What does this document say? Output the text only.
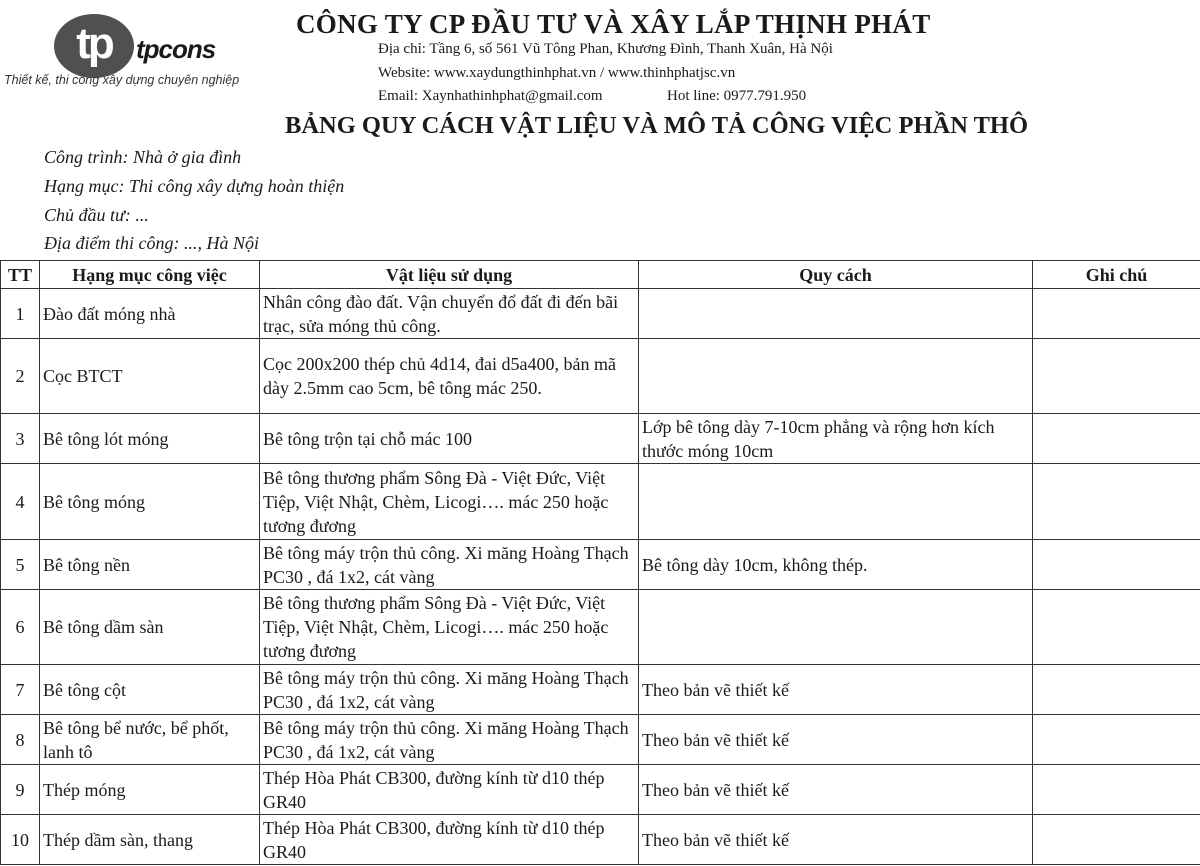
tp tpcons
Thiết kế, thi công xây dựng chuyên nghiệp
CÔNG TY CP ĐẦU TƯ VÀ XÂY LẮP THỊNH PHÁT
Địa chỉ: Tầng 6, số 561 Vũ Tông Phan, Khương Đình, Thanh Xuân, Hà Nội
Website: www.xaydungthinhphat.vn / www.thinhphatjsc.vn
Email: Xaynhathinhphat@gmail.com	Hot line: 0977.791.950
BẢNG QUY CÁCH VẬT LIỆU VÀ MÔ TẢ CÔNG VIỆC PHẦN THÔ
Công trình: Nhà ở gia đình
Hạng mục: Thi công xây dựng hoàn thiện
Chủ đầu tư: ...
Địa điểm thi công: ..., Hà Nội
TT	Hạng mục công việc	Vật liệu sử dụng	Quy cách	Ghi chú
1	Đào đất móng nhà	Nhân công đào đất. Vận chuyển đổ đất đi đến bãi trạc, sửa móng thủ công.		
2	Cọc BTCT	Cọc 200x200 thép chủ 4d14, đai d5a400, bản mã dày 2.5mm cao 5cm, bê tông mác 250.		
3	Bê tông lót móng	Bê tông trộn tại chỗ mác 100	Lớp bê tông dày 7-10cm phẳng và rộng hơn kích thước móng 10cm	
4	Bê tông móng	Bê tông thương phẩm Sông Đà - Việt Đức, Việt Tiệp, Việt Nhật, Chèm, Licogi…. mác 250 hoặc tương đương		
5	Bê tông nền	Bê tông máy trộn thủ công. Xi măng Hoàng Thạch PC30 , đá 1x2, cát vàng	Bê tông dày 10cm, không thép.	
6	Bê tông dầm sàn	Bê tông thương phẩm Sông Đà - Việt Đức, Việt Tiệp, Việt Nhật, Chèm, Licogi…. mác 250 hoặc tương đương		
7	Bê tông cột	Bê tông máy trộn thủ công. Xi măng Hoàng Thạch PC30 , đá 1x2, cát vàng	Theo bản vẽ thiết kế	
8	Bê tông bể nước, bể phốt, lanh tô	Bê tông máy trộn thủ công. Xi măng Hoàng Thạch PC30 , đá 1x2, cát vàng	Theo bản vẽ thiết kế	
9	Thép móng	Thép Hòa Phát CB300, đường kính từ d10 thép GR40	Theo bản vẽ thiết kế	
10	Thép dầm sàn, thang	Thép Hòa Phát CB300, đường kính từ d10 thép GR40	Theo bản vẽ thiết kế	
